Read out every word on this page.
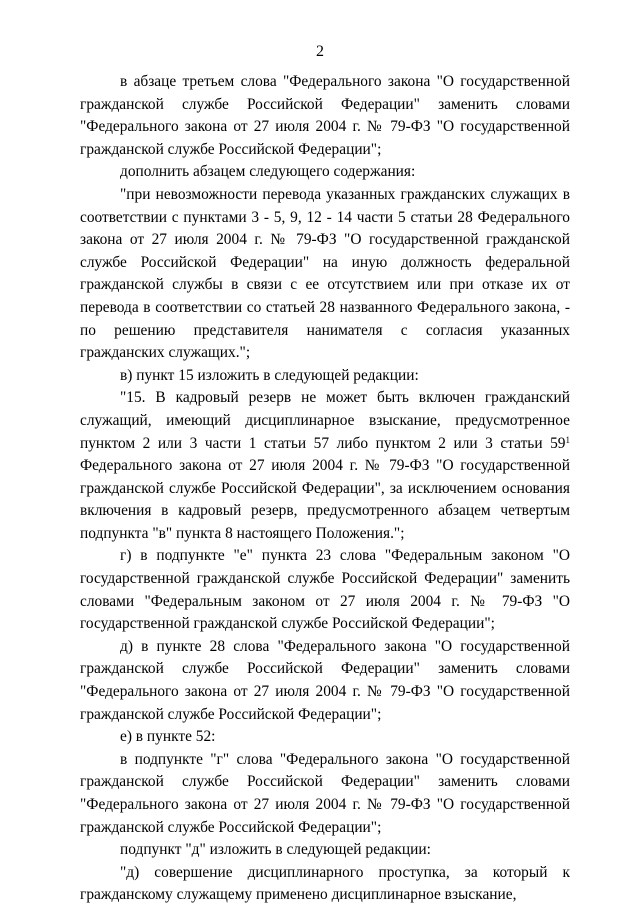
2

в абзаце третьем слова "Федерального закона "О государственной гражданской службе Российской Федерации" заменить словами "Федерального закона от 27 июля 2004 г. № 79-ФЗ "О государственной гражданской службе Российской Федерации";

дополнить абзацем следующего содержания:

"при невозможности перевода указанных гражданских служащих в соответствии с пунктами 3 - 5, 9, 12 - 14 части 5 статьи 28 Федерального закона от 27 июля 2004 г. № 79-ФЗ "О государственной гражданской службе Российской Федерации" на иную должность федеральной гражданской службы в связи с ее отсутствием или при отказе их от перевода в соответствии со статьей 28 названного Федерального закона, - по решению представителя нанимателя с согласия указанных гражданских служащих.";

в) пункт 15 изложить в следующей редакции:

"15. В кадровый резерв не может быть включен гражданский служащий, имеющий дисциплинарное взыскание, предусмотренное пунктом 2 или 3 части 1 статьи 57 либо пунктом 2 или 3 статьи $59^1$ Федерального закона от 27 июля 2004 г. № 79-ФЗ "О государственной гражданской службе Российской Федерации", за исключением основания включения в кадровый резерв, предусмотренного абзацем четвертым подпункта "в" пункта 8 настоящего Положения.";

г) в подпункте "е" пункта 23 слова "Федеральным законом "О государственной гражданской службе Российской Федерации" заменить словами "Федеральным законом от 27 июля 2004 г. № 79-ФЗ "О государственной гражданской службе Российской Федерации";

д) в пункте 28 слова "Федерального закона "О государственной гражданской службе Российской Федерации" заменить словами "Федерального закона от 27 июля 2004 г. № 79-ФЗ "О государственной гражданской службе Российской Федерации";

е) в пункте 52:

в подпункте "г" слова "Федерального закона "О государственной гражданской службе Российской Федерации" заменить словами "Федерального закона от 27 июля 2004 г. № 79-ФЗ "О государственной гражданской службе Российской Федерации";

подпункт "д" изложить в следующей редакции:

"д) совершение дисциплинарного проступка, за который к гражданскому служащему применено дисциплинарное взыскание,
